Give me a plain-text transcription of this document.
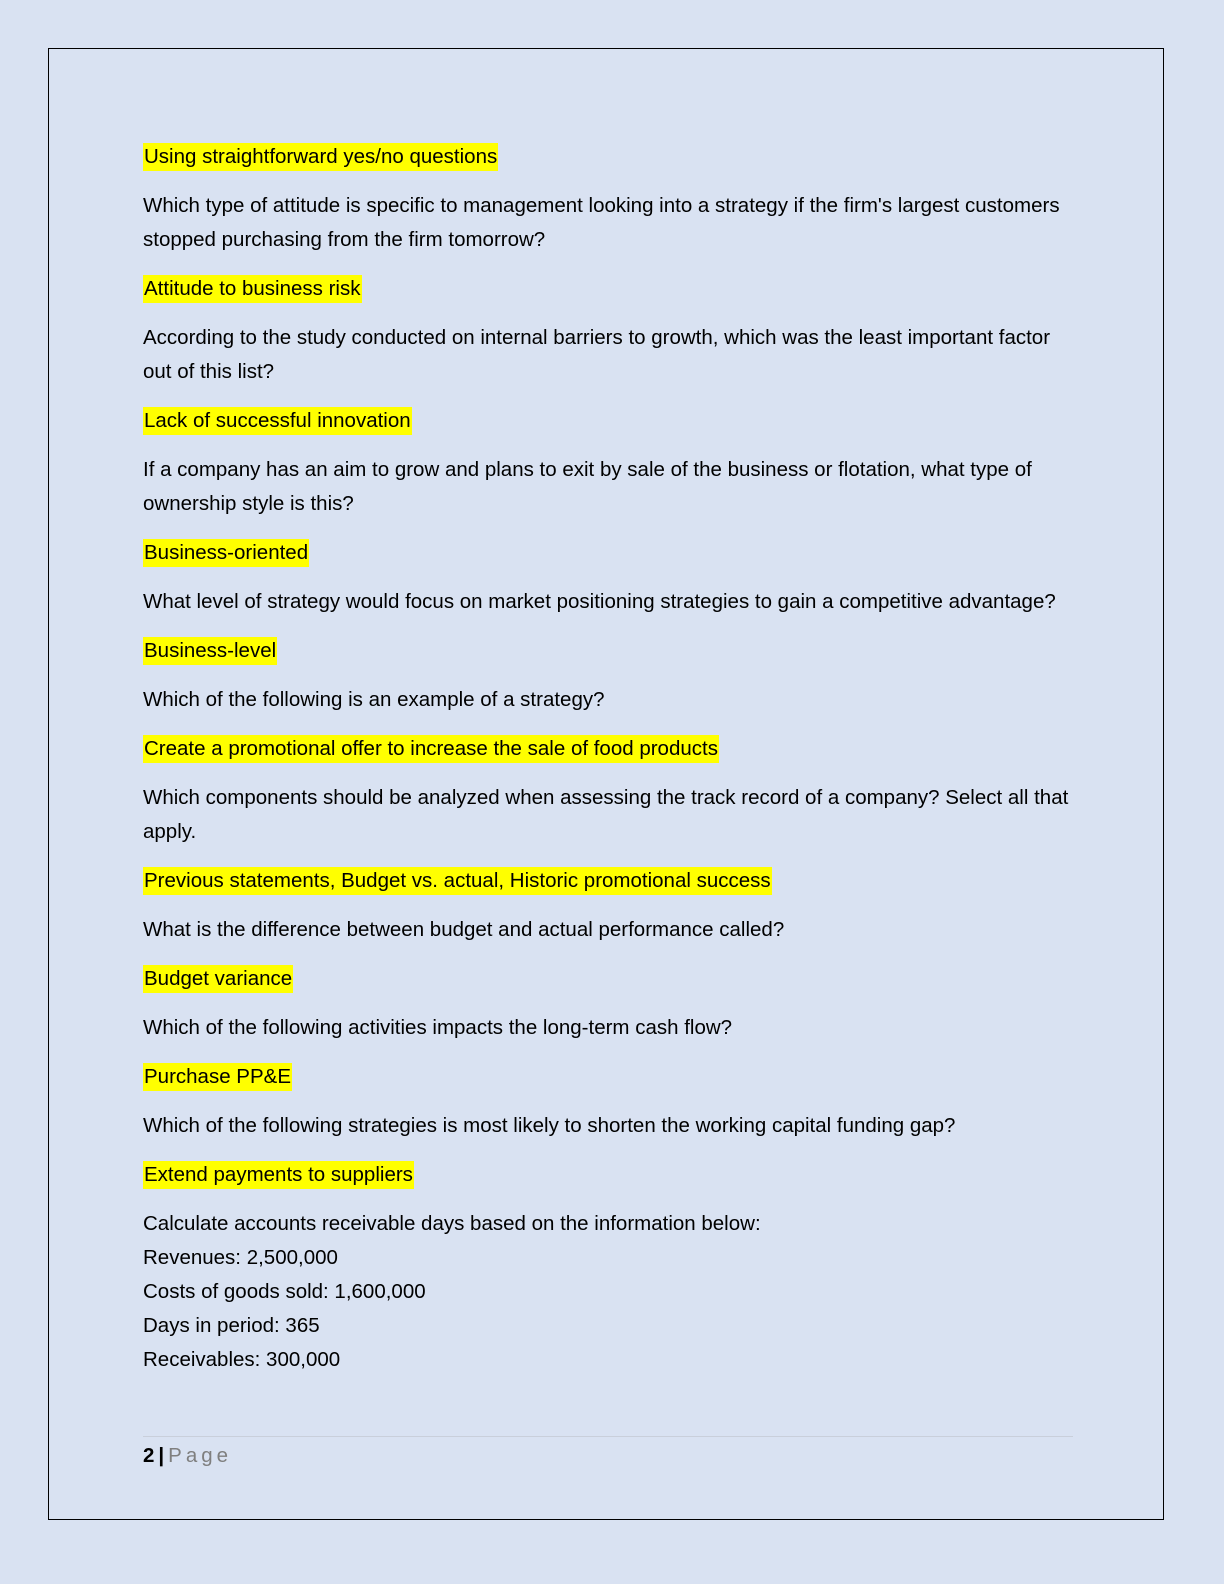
Using straightforward yes/no questions

Which type of attitude is specific to management looking into a strategy if the firm's largest customers stopped purchasing from the firm tomorrow?

Attitude to business risk

According to the study conducted on internal barriers to growth, which was the least important factor out of this list?

Lack of successful innovation

If a company has an aim to grow and plans to exit by sale of the business or flotation, what type of ownership style is this?

Business-oriented

What level of strategy would focus on market positioning strategies to gain a competitive advantage?

Business-level

Which of the following is an example of a strategy?

Create a promotional offer to increase the sale of food products

Which components should be analyzed when assessing the track record of a company? Select all that apply.

Previous statements, Budget vs. actual, Historic promotional success

What is the difference between budget and actual performance called?

Budget variance

Which of the following activities impacts the long-term cash flow?

Purchase PP&E

Which of the following strategies is most likely to shorten the working capital funding gap?

Extend payments to suppliers

Calculate accounts receivable days based on the information below:
Revenues: 2,500,000
Costs of goods sold: 1,600,000
Days in period: 365
Receivables: 300,000
2 | Page
